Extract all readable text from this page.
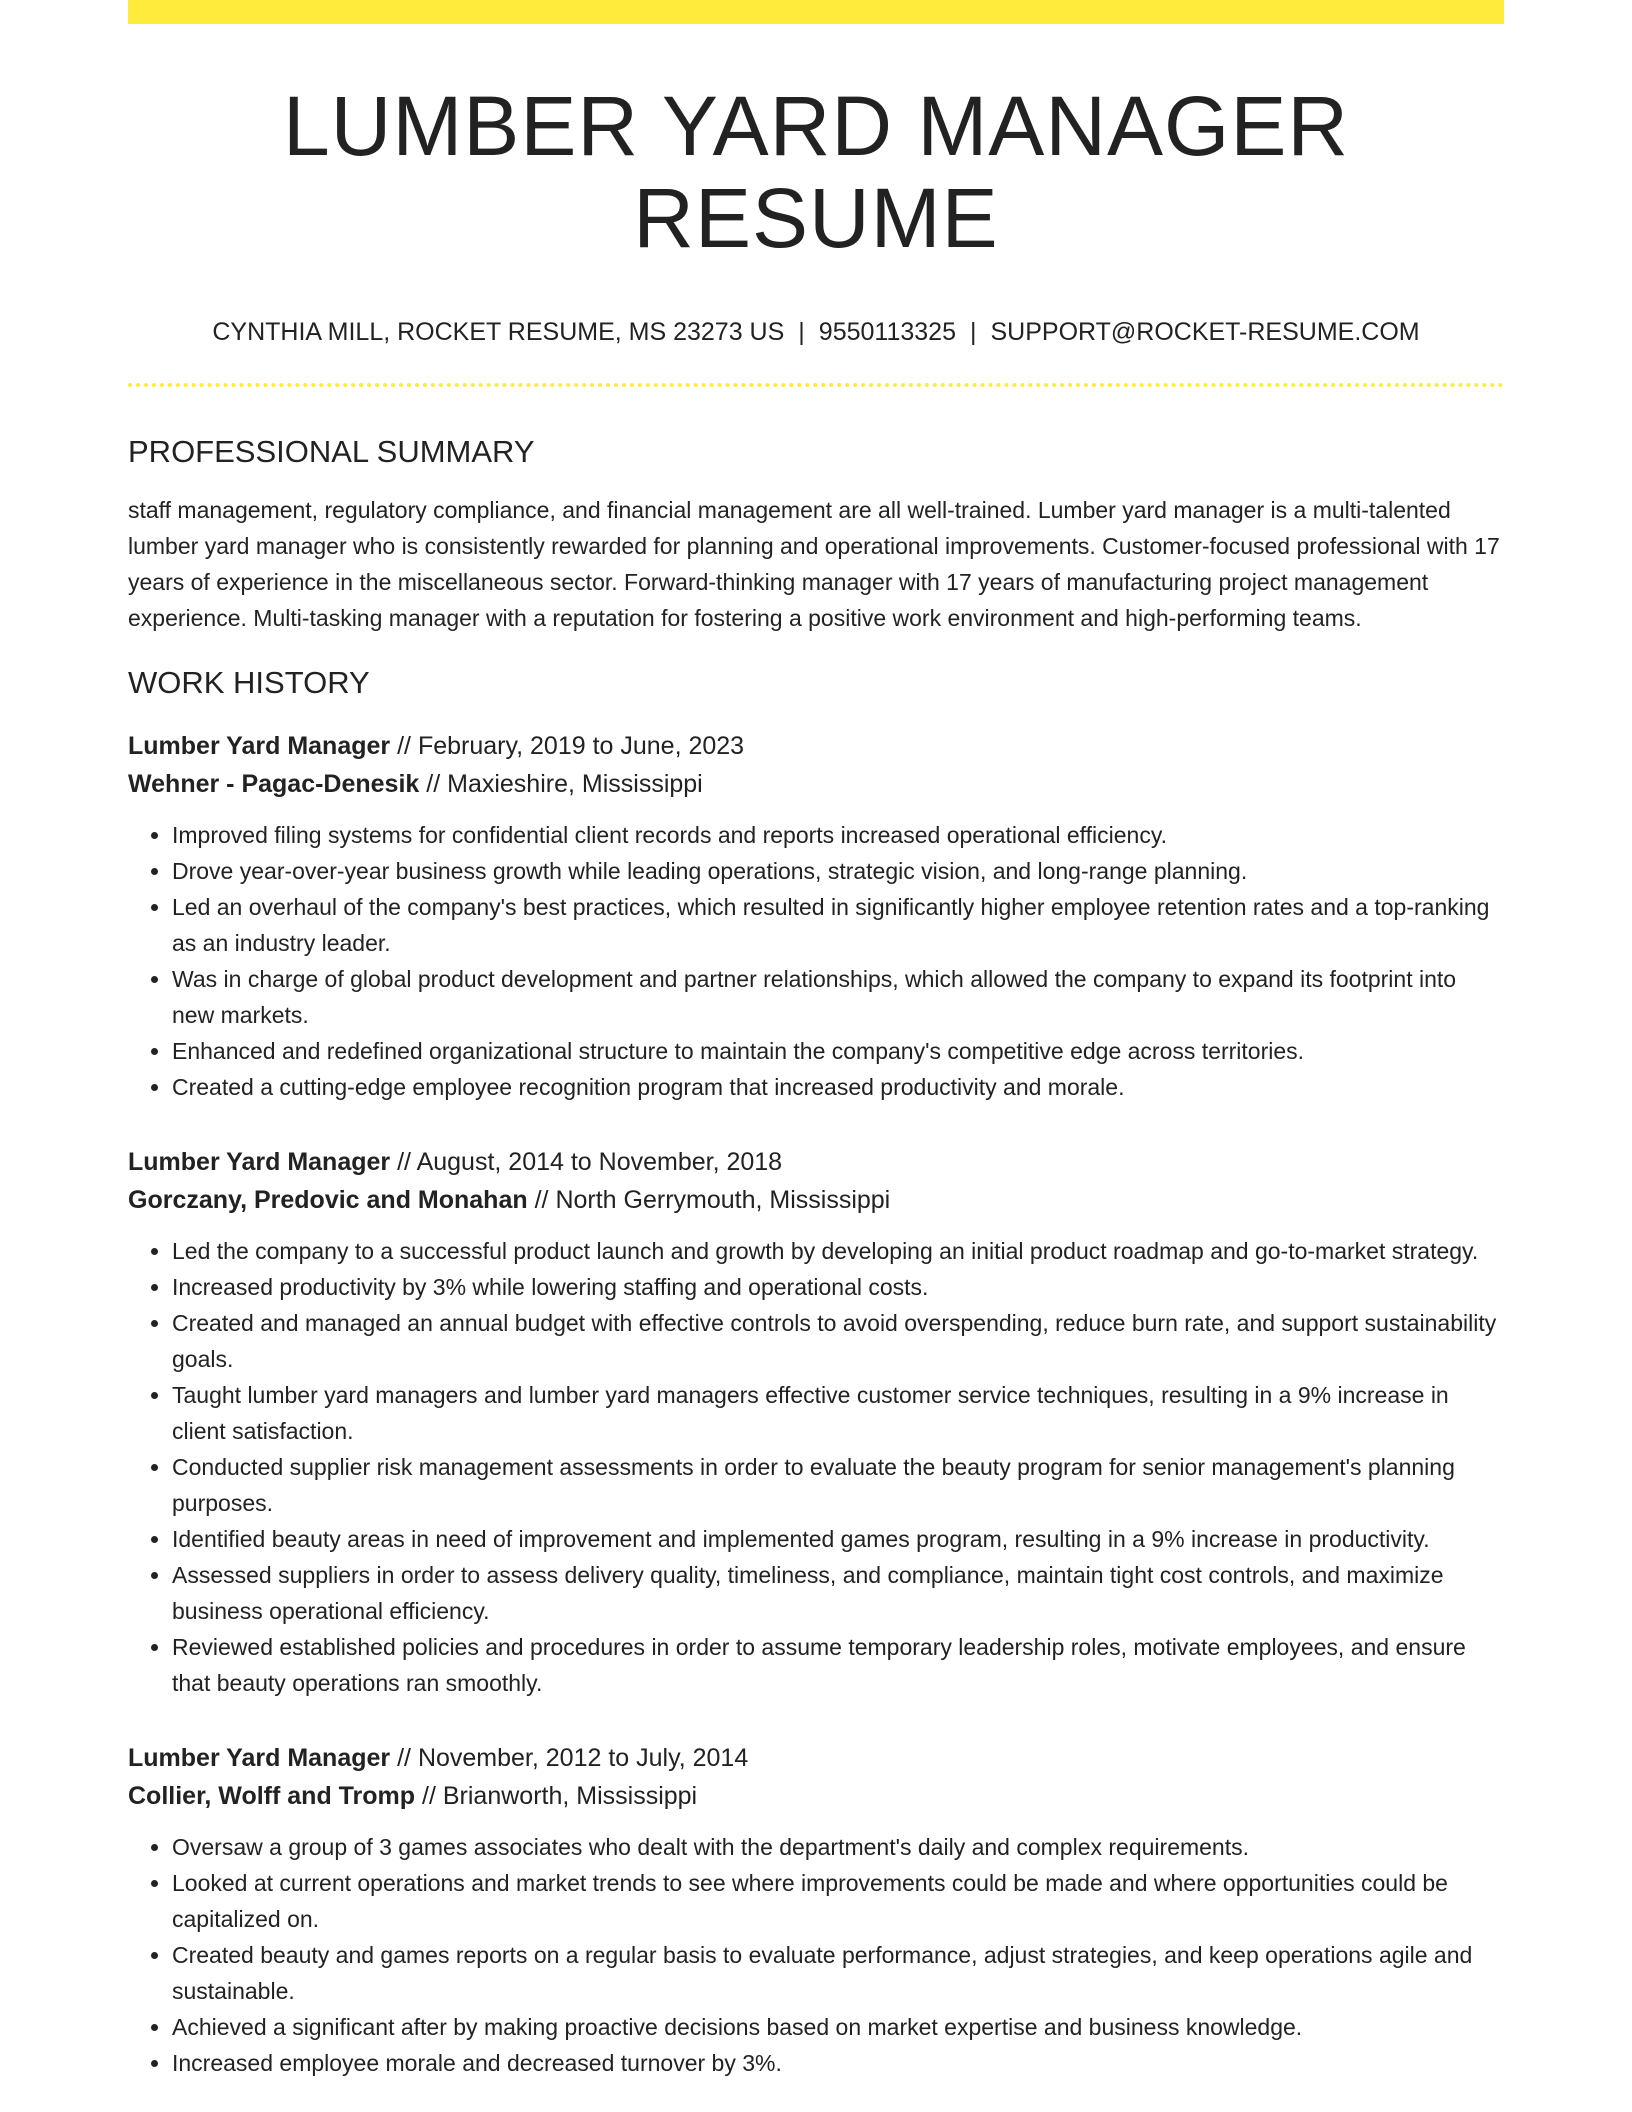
LUMBER YARD MANAGER RESUME
CYNTHIA MILL, ROCKET RESUME, MS 23273 US | 9550113325 | SUPPORT@ROCKET-RESUME.COM
PROFESSIONAL SUMMARY

staff management, regulatory compliance, and financial management are all well-trained. Lumber yard manager is a multi-talented lumber yard manager who is consistently rewarded for planning and operational improvements. Customer-focused professional with 17 years of experience in the miscellaneous sector. Forward-thinking manager with 17 years of manufacturing project management experience. Multi-tasking manager with a reputation for fostering a positive work environment and high-performing teams.

WORK HISTORY
Lumber Yard Manager // February, 2019 to June, 2023
Wehner - Pagac-Denesik // Maxieshire, Mississippi
• Improved filing systems for confidential client records and reports increased operational efficiency.
• Drove year-over-year business growth while leading operations, strategic vision, and long-range planning.
• Led an overhaul of the company's best practices, which resulted in significantly higher employee retention rates and a top-ranking as an industry leader.
• Was in charge of global product development and partner relationships, which allowed the company to expand its footprint into new markets.
• Enhanced and redefined organizational structure to maintain the company's competitive edge across territories.
• Created a cutting-edge employee recognition program that increased productivity and morale.
Lumber Yard Manager // August, 2014 to November, 2018
Gorczany, Predovic and Monahan // North Gerrymouth, Mississippi
• Led the company to a successful product launch and growth by developing an initial product roadmap and go-to-market strategy.
• Increased productivity by 3% while lowering staffing and operational costs.
• Created and managed an annual budget with effective controls to avoid overspending, reduce burn rate, and support sustainability goals.
• Taught lumber yard managers and lumber yard managers effective customer service techniques, resulting in a 9% increase in client satisfaction.
• Conducted supplier risk management assessments in order to evaluate the beauty program for senior management's planning purposes.
• Identified beauty areas in need of improvement and implemented games program, resulting in a 9% increase in productivity.
• Assessed suppliers in order to assess delivery quality, timeliness, and compliance, maintain tight cost controls, and maximize business operational efficiency.
• Reviewed established policies and procedures in order to assume temporary leadership roles, motivate employees, and ensure that beauty operations ran smoothly.
Lumber Yard Manager // November, 2012 to July, 2014
Collier, Wolff and Tromp // Brianworth, Mississippi
• Oversaw a group of 3 games associates who dealt with the department's daily and complex requirements.
• Looked at current operations and market trends to see where improvements could be made and where opportunities could be capitalized on.
• Created beauty and games reports on a regular basis to evaluate performance, adjust strategies, and keep operations agile and sustainable.
• Achieved a significant after by making proactive decisions based on market expertise and business knowledge.
• Increased employee morale and decreased turnover by 3%.
